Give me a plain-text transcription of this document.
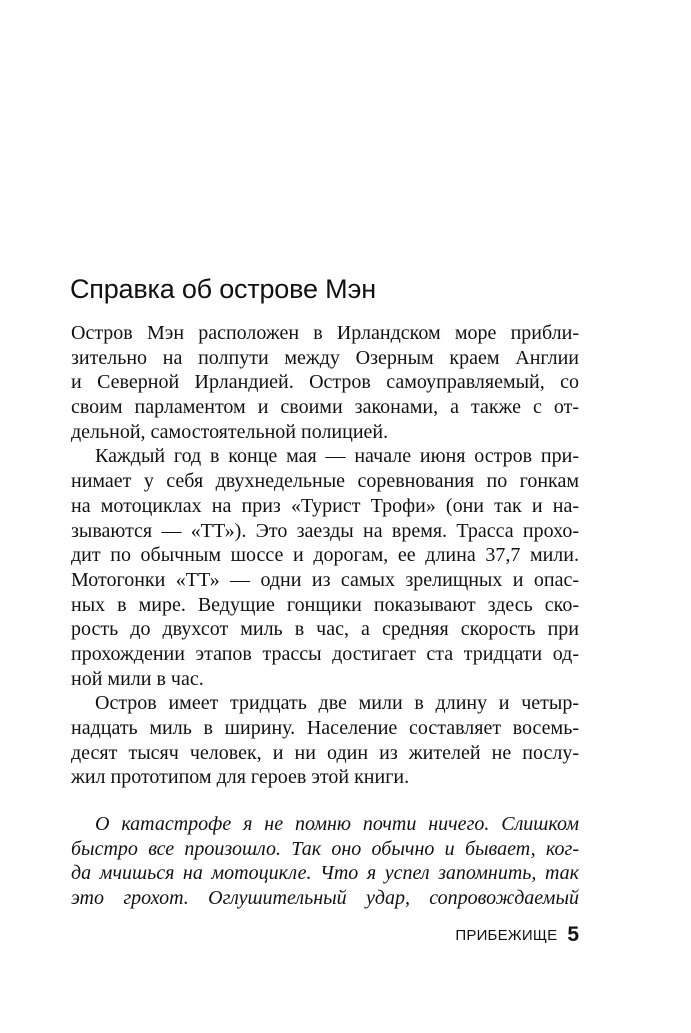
Справка об острове Мэн
Остров Мэн расположен в Ирландском море прибли-
зительно на полпути между Озерным краем Англии
и Северной Ирландией. Остров самоуправляемый, со
своим парламентом и своими законами, а также с от-
дельной, самостоятельной полицией.
Каждый год в конце мая — начале июня остров при-
нимает у себя двухнедельные соревнования по гонкам
на мотоциклах на приз «Турист Трофи» (они так и на-
зываются — «ТТ»). Это заезды на время. Трасса прохо-
дит по обычным шоссе и дорогам, ее длина 37,7 мили.
Мотогонки «ТТ» — одни из самых зрелищных и опас-
ных в мире. Ведущие гонщики показывают здесь ско-
рость до двухсот миль в час, а средняя скорость при
прохождении этапов трассы достигает ста тридцати од-
ной мили в час.
Остров имеет тридцать две мили в длину и четыр-
надцать миль в ширину. Население составляет восемь-
десят тысяч человек, и ни один из жителей не послу-
жил прототипом для героев этой книги.
О катастрофе я не помню почти ничего. Слишком
быстро все произошло. Так оно обычно и бывает, ког-
да мчишься на мотоцикле. Что я успел запомнить, так
это грохот. Оглушительный удар, сопровождаемый
ПРИБЕЖИЩЕ 5
